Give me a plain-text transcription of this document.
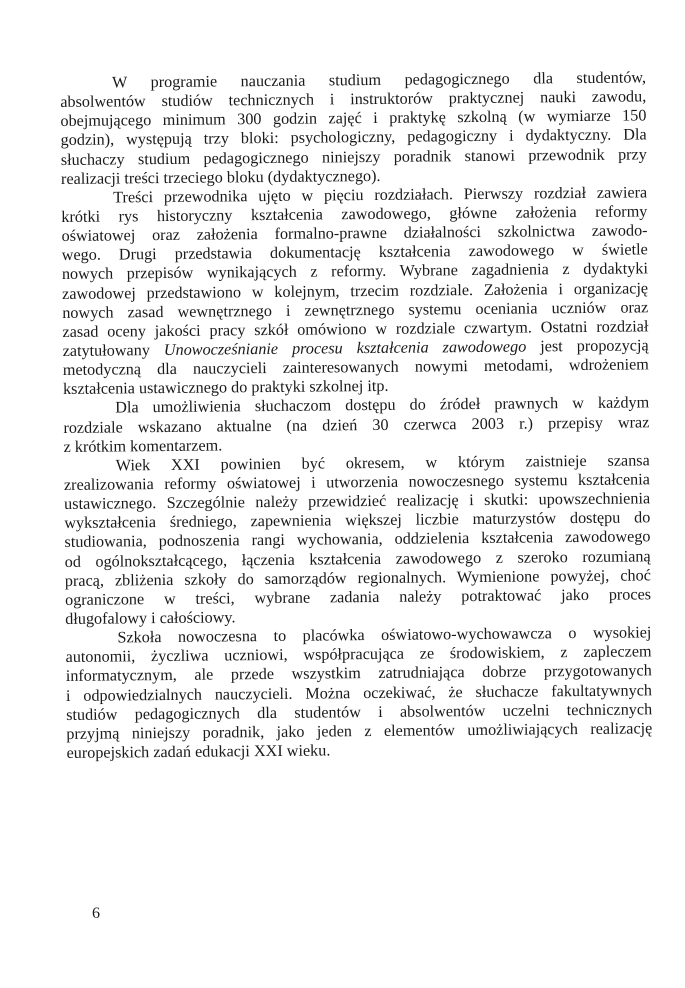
W programie nauczania studium pedagogicznego dla studentów,
absolwentów studiów technicznych i instruktorów praktycznej nauki zawodu,
obejmującego minimum 300 godzin zajęć i praktykę szkolną (w wymiarze 150
godzin), występują trzy bloki: psychologiczny, pedagogiczny i dydaktyczny. Dla
słuchaczy studium pedagogicznego niniejszy poradnik stanowi przewodnik przy
realizacji treści trzeciego bloku (dydaktycznego).
Treści przewodnika ujęto w pięciu rozdziałach. Pierwszy rozdział zawiera
krótki rys historyczny kształcenia zawodowego, główne założenia reformy
oświatowej oraz założenia formalno-prawne działalności szkolnictwa zawodo-
wego. Drugi przedstawia dokumentację kształcenia zawodowego w świetle
nowych przepisów wynikających z reformy. Wybrane zagadnienia z dydaktyki
zawodowej przedstawiono w kolejnym, trzecim rozdziale. Założenia i organizację
nowych zasad wewnętrznego i zewnętrznego systemu oceniania uczniów oraz
zasad oceny jakości pracy szkół omówiono w rozdziale czwartym. Ostatni rozdział
zatytułowany Unowocześnianie procesu kształcenia zawodowego jest propozycją
metodyczną dla nauczycieli zainteresowanych nowymi metodami, wdrożeniem
kształcenia ustawicznego do praktyki szkolnej itp.
Dla umożliwienia słuchaczom dostępu do źródeł prawnych w każdym
rozdziale wskazano aktualne (na dzień 30 czerwca 2003 r.) przepisy wraz
z krótkim komentarzem.
Wiek XXI powinien być okresem, w którym zaistnieje szansa
zrealizowania reformy oświatowej i utworzenia nowoczesnego systemu kształcenia
ustawicznego. Szczególnie należy przewidzieć realizację i skutki: upowszechnienia
wykształcenia średniego, zapewnienia większej liczbie maturzystów dostępu do
studiowania, podnoszenia rangi wychowania, oddzielenia kształcenia zawodowego
od ogólnokształcącego, łączenia kształcenia zawodowego z szeroko rozumianą
pracą, zbliżenia szkoły do samorządów regionalnych. Wymienione powyżej, choć
ograniczone w treści, wybrane zadania należy potraktować jako proces
długofalowy i całościowy.
Szkoła nowoczesna to placówka oświatowo-wychowawcza o wysokiej
autonomii, życzliwa uczniowi, współpracująca ze środowiskiem, z zapleczem
informatycznym, ale przede wszystkim zatrudniająca dobrze przygotowanych
i odpowiedzialnych nauczycieli. Można oczekiwać, że słuchacze fakultatywnych
studiów pedagogicznych dla studentów i absolwentów uczelni technicznych
przyjmą niniejszy poradnik, jako jeden z elementów umożliwiających realizację
europejskich zadań edukacji XXI wieku.
6
